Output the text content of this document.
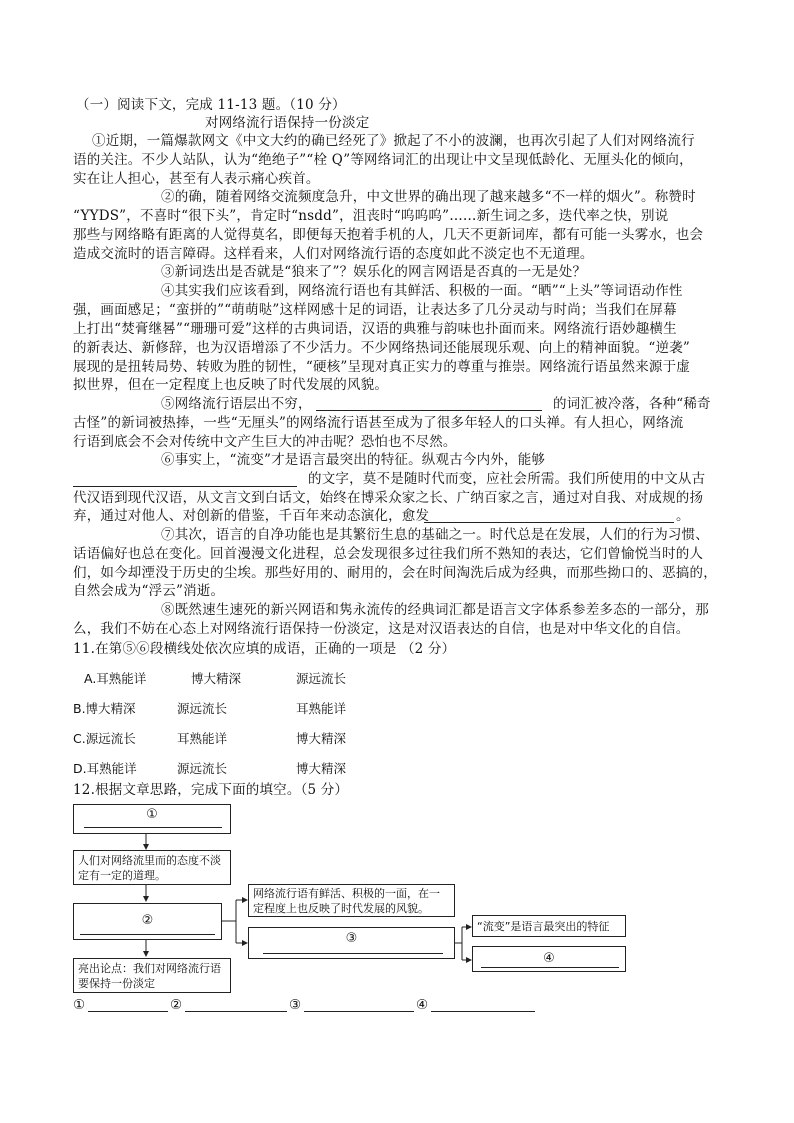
（一）阅读下文，完成 11-13 题。（10 分）
对网络流行语保持一份淡定
①近期，一篇爆款网文《中文大约的确已经死了》掀起了不小的波澜，也再次引起了人们对网络流行
语的关注。不少人站队，认为“绝绝子”“栓 Q”等网络词汇的出现让中文呈现低龄化、无厘头化的倾向，
实在让人担心，甚至有人表示痛心疾首。
②的确，随着网络交流频度急升，中文世界的确出现了越来越多“不一样的烟火”。称赞时
“YYDS”，不喜时“很下头”，肯定时“nsdd”，沮丧时“呜呜呜”……新生词之多，迭代率之快，别说
那些与网络略有距离的人觉得莫名，即便每天抱着手机的人，几天不更新词库，都有可能一头雾水，也会
造成交流时的语言障碍。这样看来，人们对网络流行语的态度如此不淡定也不无道理。
③新词迭出是否就是“狼来了”？娱乐化的网言网语是否真的一无是处？
④其实我们应该看到，网络流行语也有其鲜活、积极的一面。“晒”“上头”等词语动作性
强，画面感足；“蛮拼的”“萌萌哒”这样网感十足的词语，让表达多了几分灵动与时尚；当我们在屏幕
上打出“焚膏继晷”“珊珊可爱”这样的古典词语，汉语的典雅与韵味也扑面而来。网络流行语妙趣横生
的新表达、新修辞，也为汉语增添了不少活力。不少网络热词还能展现乐观、向上的精神面貌。“逆袭”
展现的是扭转局势、转败为胜的韧性，“硬核”呈现对真正实力的尊重与推崇。网络流行语虽然来源于虚
拟世界，但在一定程度上也反映了时代发展的风貌。
⑤网络流行语层出不穷，	的词汇被冷落，各种“稀奇
古怪”的新词被热捧，一些“无厘头”的网络流行语甚至成为了很多年轻人的口头禅。有人担心，网络流
行语到底会不会对传统中文产生巨大的冲击呢？恐怕也不尽然。
⑥事实上，“流变”才是语言最突出的特征。纵观古今内外，能够
的文字，莫不是随时代而变，应社会所需。我们所使用的中文从古
代汉语到现代汉语，从文言文到白话文，始终在博采众家之长、广纳百家之言，通过对自我、对成规的扬
弃，通过对他人、对创新的借鉴，千百年来动态演化，愈发	。
⑦其次，语言的自净功能也是其繁衍生息的基础之一。时代总是在发展，人们的行为习惯、
话语偏好也总在变化。回首漫漫文化进程，总会发现很多过往我们所不熟知的表达，它们曾愉悦当时的人
们，如今却湮没于历史的尘埃。那些好用的、耐用的，会在时间淘洗后成为经典，而那些拗口的、恶搞的，
自然会成为“浮云”消逝。
⑧既然速生速死的新兴网语和隽永流传的经典词汇都是语言文字体系参差多态的一部分，那
么，我们不妨在心态上对网络流行语保持一份淡定，这是对汉语表达的自信，也是对中华文化的自信。
11.在第⑤⑥段横线处依次应填的成语，正确的一项是 （2 分）
A.耳熟能详	博大精深	源远流长
B.博大精深	源远流长	耳熟能详
C.源远流长	耳熟能详	博大精深
D.耳熟能详	源远流长	博大精深
12.根据文章思路，完成下面的填空。（5 分）
①
人们对网络流里而的态度不淡定有一定的道理。
②
亮出论点：我们对网络流行语要保持一份淡定
网络流行语有鲜活、积极的一面，在一定程度上也反映了时代发展的风貌。
③
“流变”是语言最突出的特征
④
①	②	③	④
